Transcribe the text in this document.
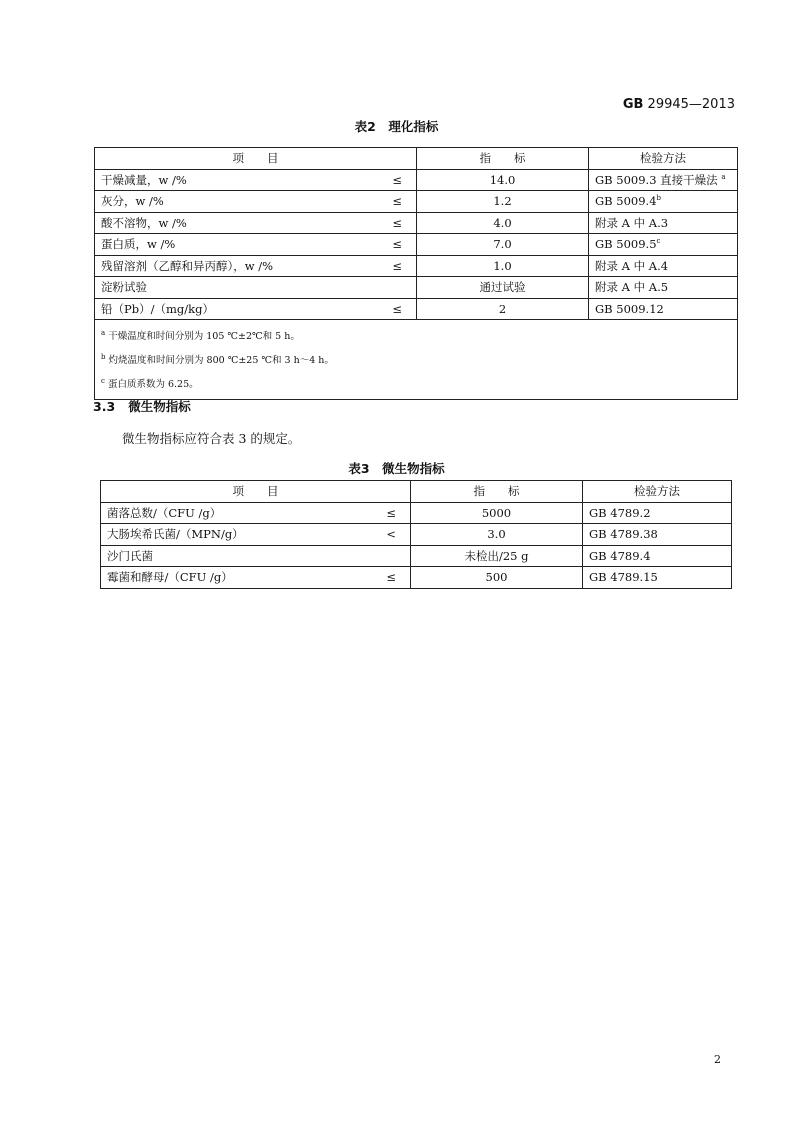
GB 29945—2013
表2　理化指标
项　　目	指　　标	检验方法
干燥减量，w /% ≤	14.0	GB 5009.3 直接干燥法 $^a$
灰分，w /% ≤	1.2	GB 5009.4$^b$
酸不溶物，w /% ≤	4.0	附录 A 中 A.3
蛋白质，w /% ≤	7.0	GB 5009.5$^c$
残留溶剂（乙醇和异丙醇），w /% ≤	1.0	附录 A 中 A.4
淀粉试验	通过试验	附录 A 中 A.5
铅（Pb）/（mg/kg） ≤	2	GB 5009.12

$^a$ 干燥温度和时间分别为 105 ℃±2℃和 5 h。
$^b$ 灼烧温度和时间分别为 800 ℃±25 ℃和 3 h～4 h。
$^c$ 蛋白质系数为 6.25。		
3.3 微生物指标
微生物指标应符合表 3 的规定。
表3　微生物指标
项　　目	指　　标	检验方法
菌落总数/（CFU /g） ≤	5000	GB 4789.2
大肠埃希氏菌/（MPN/g） <	3.0	GB 4789.38
沙门氏菌	未检出/25 g	GB 4789.4
霉菌和酵母/（CFU /g） ≤	500	GB 4789.15
2
